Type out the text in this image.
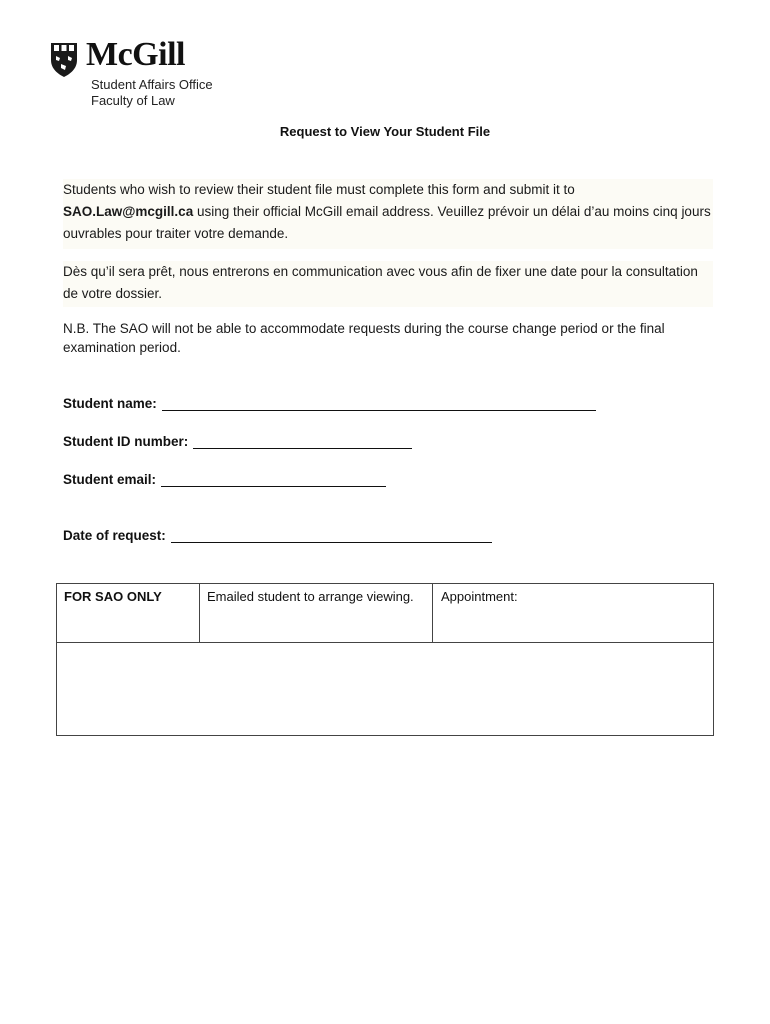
McGill
Student Affairs Office
Faculty of Law
Request to View Your Student File
Students who wish to review their student file must complete this form and submit it to
SAO.Law@mcgill.ca using their official McGill email address. Veuillez prévoir un délai d’au moins cinq jours ouvrables pour traiter votre demande.
Dès qu’il sera prêt, nous entrerons en communication avec vous afin de fixer une date pour la consultation de votre dossier.
N.B. The SAO will not be able to accommodate requests during the course change period or the final examination period.
Student name:
Student ID number:
Student email:
Date of request:
FOR SAO ONLY	Emailed student to arrange viewing.	Appointment:
